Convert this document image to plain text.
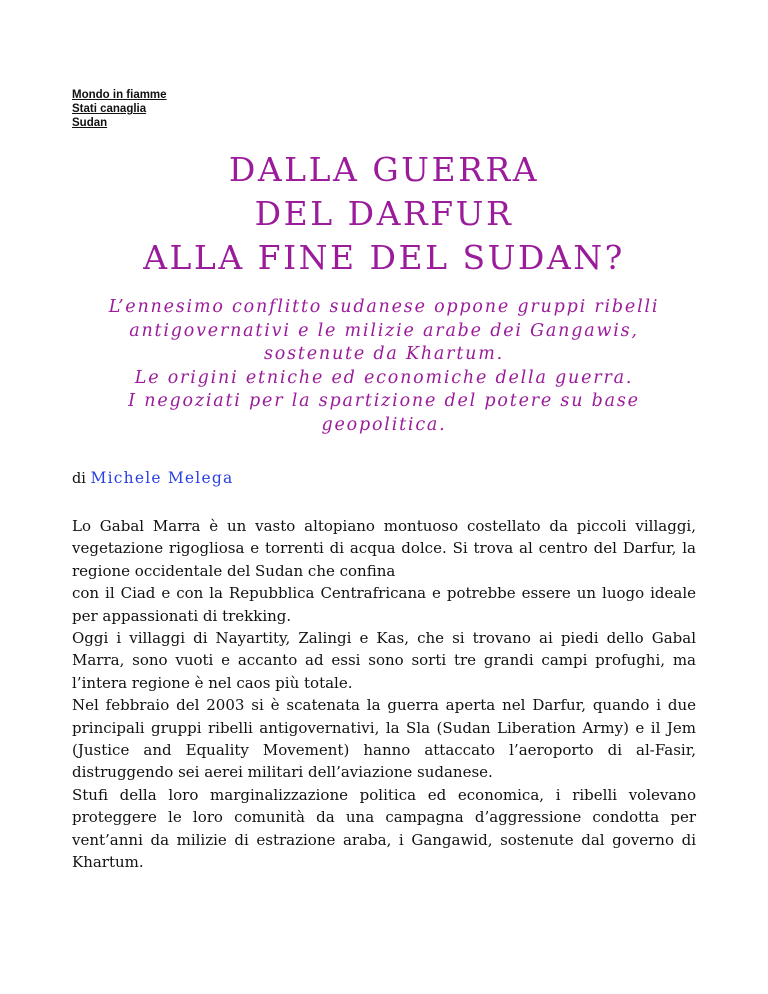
Mondo in fiamme
Stati canaglia
Sudan
DALLA GUERRA
DEL DARFUR
ALLA FINE DEL SUDAN?
L’ennesimo conflitto sudanese oppone gruppi ribelli
antigovernativi e le milizie arabe dei Gangawis,
sostenute da Khartum.
Le origini etniche ed economiche della guerra.
I negoziati per la spartizione del potere su base
geopolitica.
di Michele Melega

Lo Gabal Marra è un vasto altopiano montuoso costellato da piccoli villaggi, vegetazione rigogliosa e torrenti di acqua dolce. Si trova al centro del Darfur, la regione occidentale del Sudan che confina

con il Ciad e con la Repubblica Centrafricana e potrebbe essere un luogo ideale per appassionati di trekking.

Oggi i villaggi di Nayartity, Zalingi e Kas, che si trovano ai piedi dello Gabal Marra, sono vuoti e accanto ad essi sono sorti tre grandi campi profughi, ma l’intera regione è nel caos più totale.

Nel febbraio del 2003 si è scatenata la guerra aperta nel Darfur, quando i due principali gruppi ribelli antigovernativi, la Sla (Sudan Liberation Army) e il Jem (Justice and Equality Movement) hanno attaccato l’aeroporto di al-Fasir, distruggendo sei aerei militari dell’aviazione sudanese.

Stufi della loro marginalizzazione politica ed economica, i ribelli volevano proteggere le loro comunità da una campagna d’aggressione condotta per vent’anni da milizie di estrazione araba, i Gangawid, sostenute dal governo di Khartum.
